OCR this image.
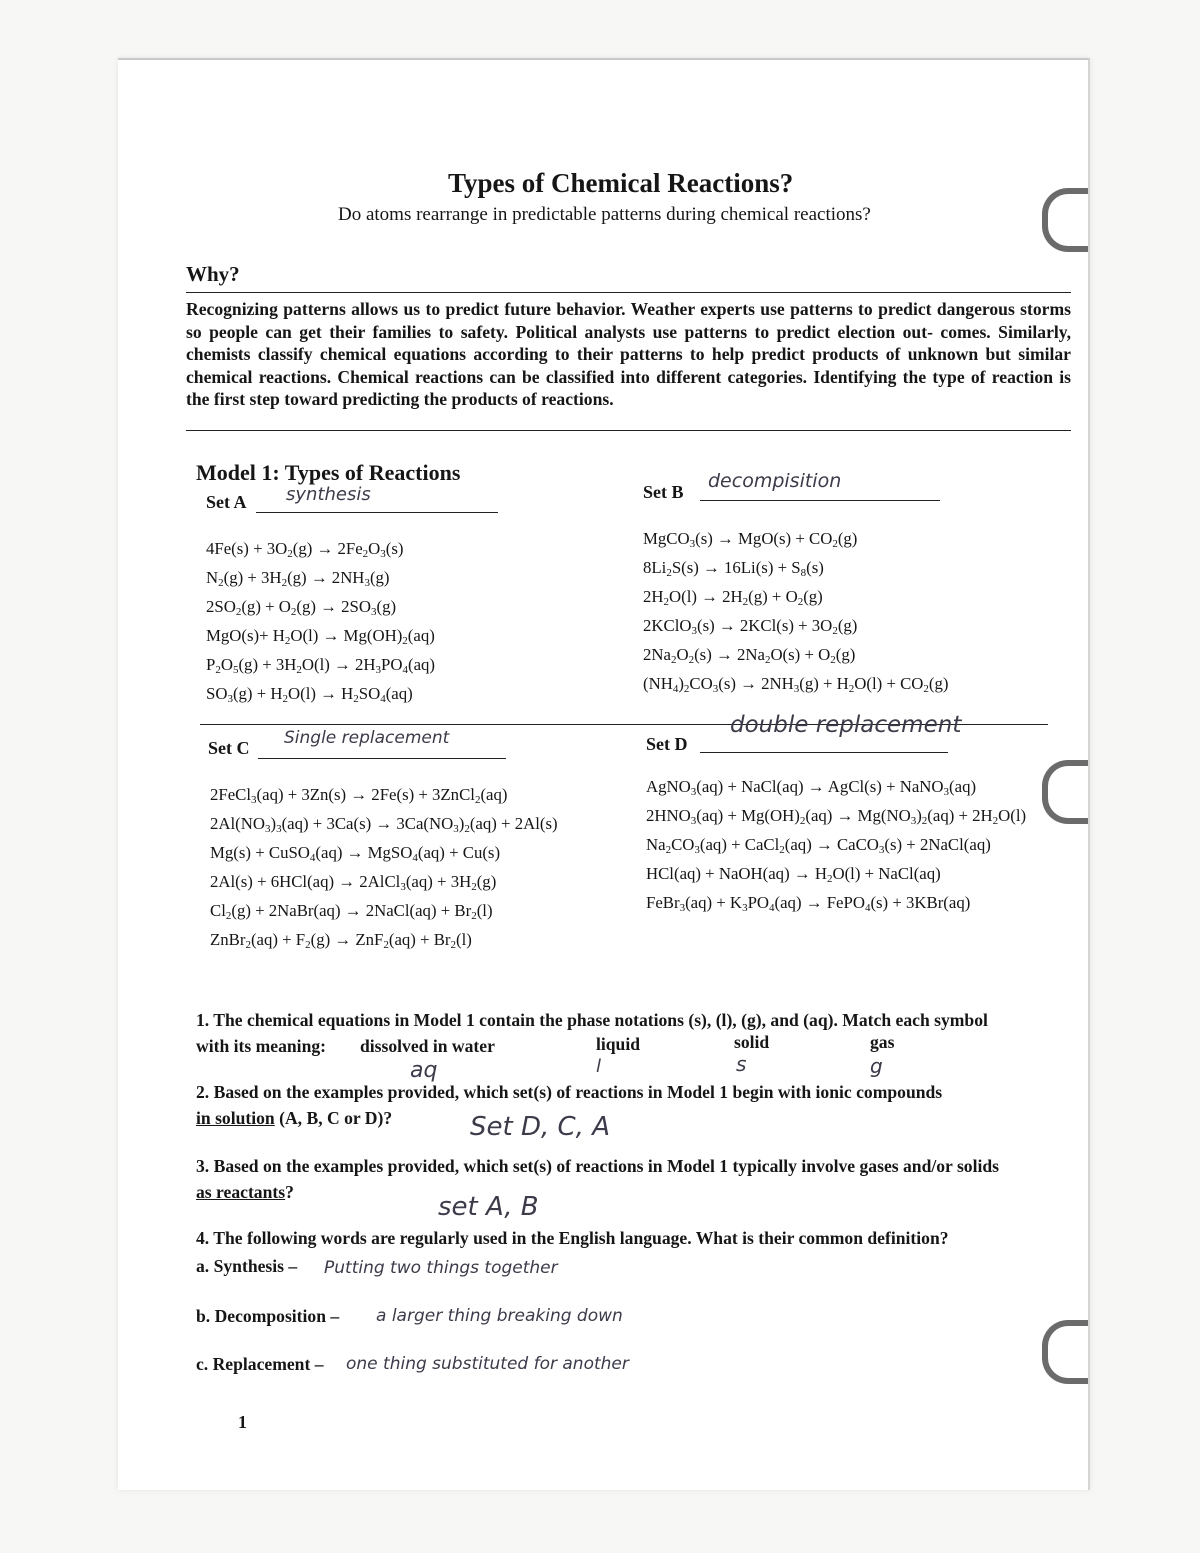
Types of Chemical Reactions?
Do atoms rearrange in predictable patterns during chemical reactions?
Why?
Recognizing patterns allows us to predict future behavior. Weather experts use patterns to predict dangerous storms so people can get their families to safety. Political analysts use patterns to predict election out- comes. Similarly, chemists classify chemical equations according to their patterns to help predict products of unknown but similar chemical reactions. Chemical reactions can be classified into different categories. Identifying the type of reaction is the first step toward predicting the products of reactions.
Model 1: Types of Reactions
Set A synthesis
$4Fe(s) + 3O_2(g) \to 2Fe_2O_3(s)$
$N_2(g) + 3H_2(g) \to 2NH_3(g)$
$2SO_2(g) + O_2(g) \to 2SO_3(g)$
$MgO(s)+ H_2O(l) \to Mg(OH)_2(aq)$
$P_2O_5(g) + 3H_2O(l) \to 2H_3PO_4(aq)$
$SO_3(g) + H_2O(l) \to H_2SO_4(aq)$
Set B decompisition
MgCO$_3$(s) → $MgO(s) + CO_2(g)$
$8Li_2S(s) \to 16Li(s) + S_8(s)$
$2H_2O(l) \to 2H_2(g) + O_2(g)$
2KClO$_3$(s) → $2KCl(s) + 3O_2(g)$
$2Na_2O_2(s) \to 2Na_2O(s) + O_2(g)$
$(NH_4)_2CO_3(s) \to 2NH_3(g) + H_2O(l) + CO_2(g)$
Set C Single replacement
2FeCl$_3$(aq) + 3Zn(s) → 2Fe(s) + 3ZnCl$_2$(aq)
$2Al(NO_3)_3(aq) + 3Ca(s) \to 3Ca(NO_3)_2(aq) + 2Al(s)$
Mg(s) + CuSO$_4$(aq) → MgSO$_4$(aq) + Cu(s)
2Al(s) + 6HCl(aq) → 2AlCl$_3$(aq) + $3H_2(g)$
$Cl_2(g)$ + 2NaBr(aq) → 2NaCl(aq) + $Br_2(l)$
ZnBr$_2$(aq) + $F_2(g) \to ZnF_2(aq) + Br_2(l)$
Set D
double replacement
AgNO$_3$(aq) + NaCl(aq) → AgCl(s) + NaNO$_3$(aq)
$2HNO_3(aq) + Mg(OH)_2(aq) \to Mg(NO_3)_2(aq) + 2H_2O(l)$
$Na_2CO_3(aq)$ + CaCl$_2$(aq) → CaCO$_3$(s) + 2NaCl(aq)
HCl(aq) + NaOH(aq) → $H_2O(l)$ + NaCl(aq)
FeBr$_3$(aq) + $K_3PO_4(aq)$ → FePO$_4$(s) + 3KBr(aq)
1. The chemical equations in Model 1 contain the phase notations (s), (l), (g), and (aq). Match each symbol
with its meaning: dissolved in water	liquid	solid	gas
aq	l	s	g
2. Based on the examples provided, which set(s) of reactions in Model 1 begin with ionic compounds
in solution (A, B, C or D)?	Set D, C, A
3. Based on the examples provided, which set(s) of reactions in Model 1 typically involve gases and/or solids
as reactants?	set A, B
4. The following words are regularly used in the English language. What is their common definition?
a. Synthesis – Putting two things together
b. Decomposition – a larger thing breaking down
c. Replacement – one thing substituted for another
1
